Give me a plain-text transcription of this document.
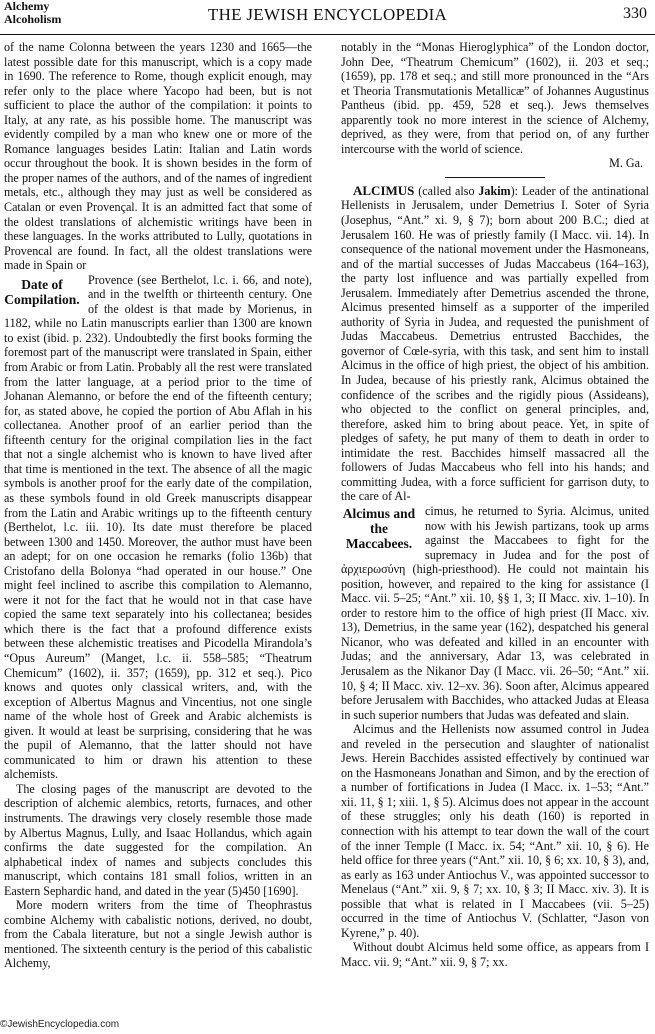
Alchemy
Alcoholism	THE JEWISH ENCYCLOPEDIA	330

of the name Colonna between the years 1230 and 1665—the latest possible date for this manuscript, which is a copy made in 1690. The reference to Rome, though explicit enough, may refer only to the place where Yacopo had been, but is not sufficient to place the author of the compilation: it points to Italy, at any rate, as his possible home. The manuscript was evidently compiled by a man who knew one or more of the Romance languages besides Latin: Italian and Latin words occur throughout the book. It is shown besides in the form of the proper names of the authors, and of the names of ingredient metals, etc., although they may just as well be considered as Catalan or even Provençal. It is an admitted fact that some of the oldest translations of alchemistic writings have been in these languages. In the works attributed to Lully, quotations in Provencal are found. In fact, all the oldest translations were made in Spain or

Date of Compilation.

Provence (see Berthelot, l.c. i. 66, and note), and in the twelfth or thirteenth century. One of the oldest is that made by Morienus, in 1182, while no Latin manuscripts earlier than 1300 are known to exist (ibid. p. 232). Undoubtedly the first books forming the foremost part of the manuscript were translated in Spain, either from Arabic or from Latin. Probably all the rest were translated from the latter language, at a period prior to the time of Johanan Alemanno, or before the end of the fifteenth century; for, as stated above, he copied the portion of Abu Aflah in his collectanea. Another proof of an earlier period than the fifteenth century for the original compilation lies in the fact that not a single alchemist who is known to have lived after that time is mentioned in the text. The absence of all the magic symbols is another proof for the early date of the compilation, as these symbols found in old Greek manuscripts disappear from the Latin and Arabic writings up to the fifteenth century (Berthelot, l.c. iii. 10). Its date must therefore be placed between 1300 and 1450. Moreover, the author must have been an adept; for on one occasion he remarks (folio 136b) that Cristofano della Bolonya “had operated in our house.” One might feel inclined to ascribe this compilation to Alemanno, were it not for the fact that he would not in that case have copied the same text separately into his collectanea; besides which there is the fact that a profound difference exists between these alchemistic treatises and Picodella Mirandola’s “Opus Aureum” (Manget, l.c. ii. 558–585; “Theatrum Chemicum” (1602), ii. 357; (1659), pp. 312 et seq.). Pico knows and quotes only classical writers, and, with the exception of Albertus Magnus and Vincentius, not one single name of the whole host of Greek and Arabic alchemists is given. It would at least be surprising, considering that he was the pupil of Alemanno, that the latter should not have communicated to him or drawn his attention to these alchemists.

The closing pages of the manuscript are devoted to the description of alchemic alembics, retorts, furnaces, and other instruments. The drawings very closely resemble those made by Albertus Magnus, Lully, and Isaac Hollandus, which again confirms the date suggested for the compilation. An alphabetical index of names and subjects concludes this manuscript, which contains 181 small folios, written in an Eastern Sephardic hand, and dated in the year (5)450 [1690].

More modern writers from the time of Theophrastus combine Alchemy with cabalistic notions, derived, no doubt, from the Cabala literature, but not a single Jewish author is mentioned. The sixteenth century is the period of this cabalistic Alchemy,

notably in the “Monas Hieroglyphica” of the London doctor, John Dee, “Theatrum Chemicum” (1602), ii. 203 et seq.; (1659), pp. 178 et seq.; and still more pronounced in the “Ars et Theoria Transmutationis Metallicæ” of Johannes Augustinus Pantheus (ibid. pp. 459, 528 et seq.). Jews themselves apparently took no more interest in the science of Alchemy, deprived, as they were, from that period on, of any further intercourse with the world of science.

M. Ga.

ALCIMUS (called also Jakim): Leader of the antinational Hellenists in Jerusalem, under Demetrius I. Soter of Syria (Josephus, “Ant.” xi. 9, § 7); born about 200 B.C.; died at Jerusalem 160. He was of priestly family (I Macc. vii. 14). In consequence of the national movement under the Hasmoneans, and of the martial successes of Judas Maccabeus (164–163), the party lost influence and was partially expelled from Jerusalem. Immediately after Demetrius ascended the throne, Alcimus presented himself as a supporter of the imperiled authority of Syria in Judea, and requested the punishment of Judas Maccabeus. Demetrius entrusted Bacchides, the governor of Cœle-syria, with this task, and sent him to install Alcimus in the office of high priest, the object of his ambition. In Judea, because of his priestly rank, Alcimus obtained the confidence of the scribes and the rigidly pious (Assideans), who objected to the conflict on general principles, and, therefore, asked him to bring about peace. Yet, in spite of pledges of safety, he put many of them to death in order to intimidate the rest. Bacchides himself massacred all the followers of Judas Maccabeus who fell into his hands; and committing Judea, with a force sufficient for garrison duty, to the care of Al-

Alcimus and the Maccabees.

cimus, he returned to Syria. Alcimus, united now with his Jewish partizans, took up arms against the Maccabees to fight for the supremacy in Judea and for the post of ἀρχιερωσύνη (high-priesthood). He could not maintain his position, however, and repaired to the king for assistance (I Macc. vii. 5–25; “Ant.” xii. 10, §§ 1, 3; II Macc. xiv. 1–10). In order to restore him to the office of high priest (II Macc. xiv. 13), Demetrius, in the same year (162), despatched his general Nicanor, who was defeated and killed in an encounter with Judas; and the anniversary, Adar 13, was celebrated in Jerusalem as the Nikanor Day (I Macc. vii. 26–50; “Ant.” xii. 10, § 4; II Macc. xiv. 12–xv. 36). Soon after, Alcimus appeared before Jerusalem with Bacchides, who attacked Judas at Eleasa in such superior numbers that Judas was defeated and slain.

Alcimus and the Hellenists now assumed control in Judea and reveled in the persecution and slaughter of nationalist Jews. Herein Bacchides assisted effectively by continued war on the Hasmoneans Jonathan and Simon, and by the erection of a number of fortifications in Judea (I Macc. ix. 1–53; “Ant.” xii. 11, § 1; xiii. 1, § 5). Alcimus does not appear in the account of these struggles; only his death (160) is reported in connection with his attempt to tear down the wall of the court of the inner Temple (I Macc. ix. 54; “Ant.” xii. 10, § 6). He held office for three years (“Ant.” xii. 10, § 6; xx. 10, § 3), and, as early as 163 under Antiochus V., was appointed successor to Menelaus (“Ant.” xii. 9, § 7; xx. 10, § 3; II Macc. xiv. 3). It is possible that what is related in I Maccabees (vii. 5–25) occurred in the time of Antiochus V. (Schlatter, “Jason von Kyrene,” p. 40).

Without doubt Alcimus held some office, as appears from I Macc. vii. 9; “Ant.” xii. 9, § 7; xx.

©JewishEncyclopedia.com
